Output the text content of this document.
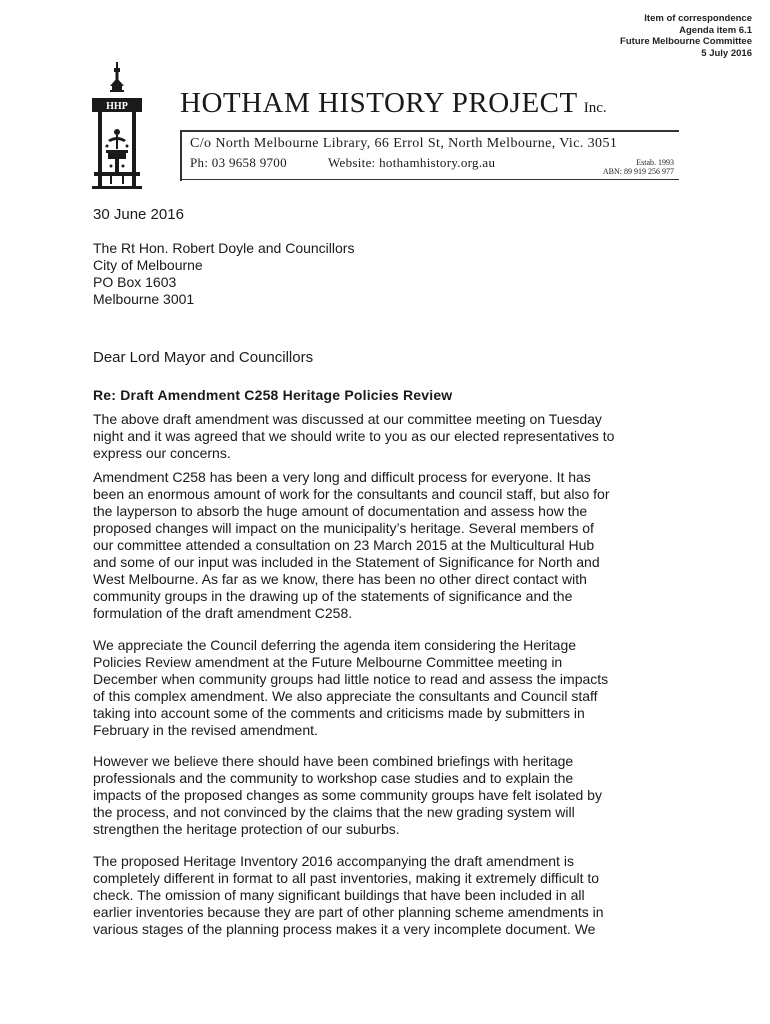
Item of correspondence
Agenda item 6.1
Future Melbourne Committee
5 July 2016
HHP HOTHAM HISTORY PROJECT Inc.
C/o North Melbourne Library, 66 Errol St, North Melbourne, Vic. 3051
Ph: 03 9658 9700	Website: hothamhistory.org.au	Estab. 1993
ABN: 89 919 256 977
30 June 2016
The Rt Hon. Robert Doyle and Councillors
City of Melbourne
PO Box 1603
Melbourne 3001
Dear Lord Mayor and Councillors
Re: Draft Amendment C258 Heritage Policies Review
The above draft amendment was discussed at our committee meeting on Tuesday
night and it was agreed that we should write to you as our elected representatives to
express our concerns.
Amendment C258 has been a very long and difficult process for everyone. It has
been an enormous amount of work for the consultants and council staff, but also for
the layperson to absorb the huge amount of documentation and assess how the
proposed changes will impact on the municipality’s heritage. Several members of
our committee attended a consultation on 23 March 2015 at the Multicultural Hub
and some of our input was included in the Statement of Significance for North and
West Melbourne. As far as we know, there has been no other direct contact with
community groups in the drawing up of the statements of significance and the
formulation of the draft amendment C258.
We appreciate the Council deferring the agenda item considering the Heritage
Policies Review amendment at the Future Melbourne Committee meeting in
December when community groups had little notice to read and assess the impacts
of this complex amendment. We also appreciate the consultants and Council staff
taking into account some of the comments and criticisms made by submitters in
February in the revised amendment.
However we believe there should have been combined briefings with heritage
professionals and the community to workshop case studies and to explain the
impacts of the proposed changes as some community groups have felt isolated by
the process, and not convinced by the claims that the new grading system will
strengthen the heritage protection of our suburbs.
The proposed Heritage Inventory 2016 accompanying the draft amendment is
completely different in format to all past inventories, making it extremely difficult to
check. The omission of many significant buildings that have been included in all
earlier inventories because they are part of other planning scheme amendments in
various stages of the planning process makes it a very incomplete document. We
